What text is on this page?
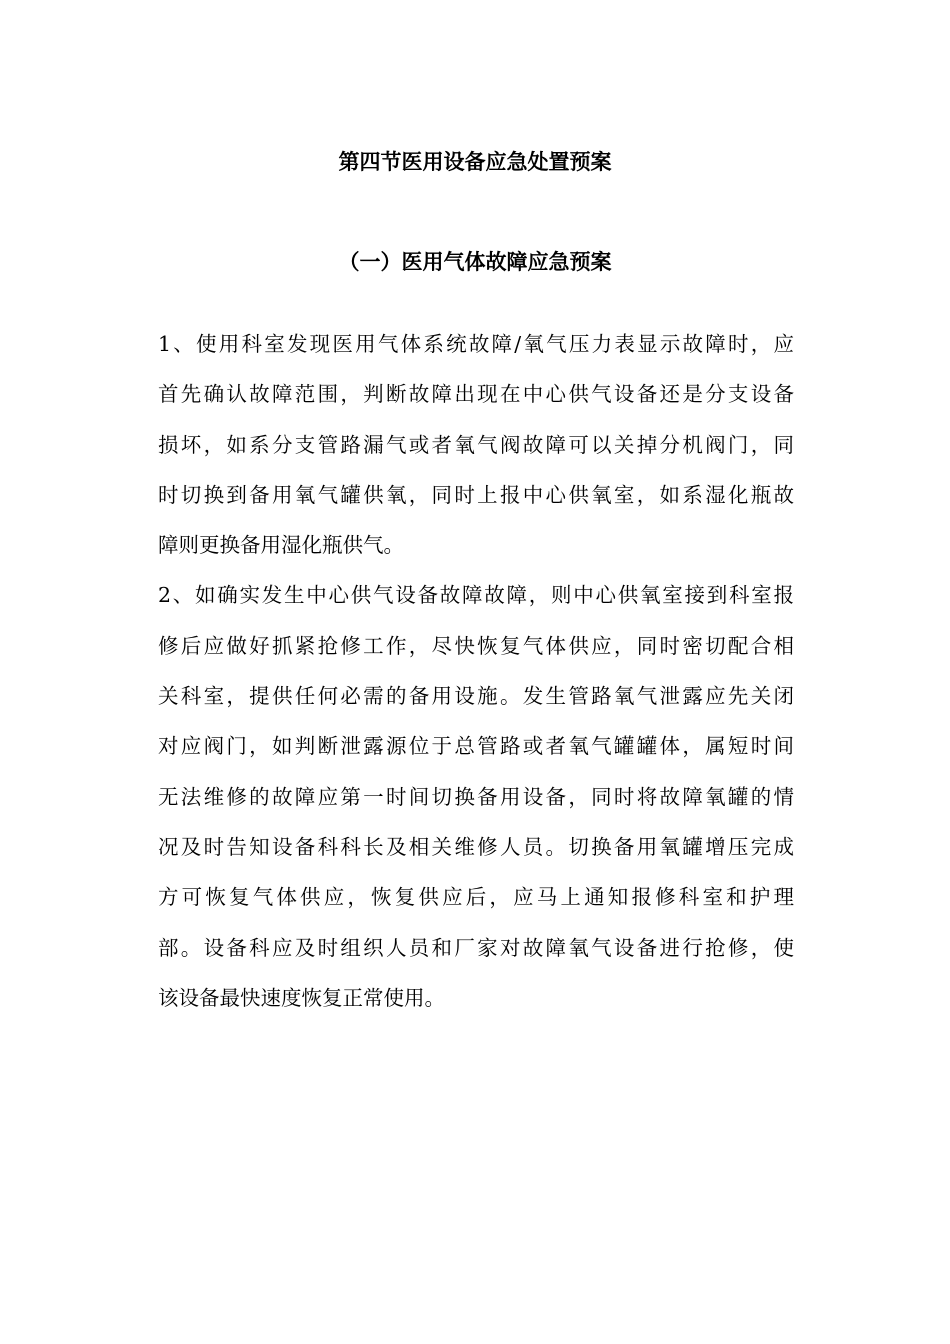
第四节医用设备应急处置预案
（一）医用气体故障应急预案
1、使用科室发现医用气体系统故障/氧气压力表显示故障时，应
首先确认故障范围，判断故障出现在中心供气设备还是分支设备
损坏，如系分支管路漏气或者氧气阀故障可以关掉分机阀门，同
时切换到备用氧气罐供氧，同时上报中心供氧室，如系湿化瓶故
障则更换备用湿化瓶供气。
2、如确实发生中心供气设备故障故障，则中心供氧室接到科室报
修后应做好抓紧抢修工作，尽快恢复气体供应，同时密切配合相
关科室，提供任何必需的备用设施。发生管路氧气泄露应先关闭
对应阀门，如判断泄露源位于总管路或者氧气罐罐体，属短时间
无法维修的故障应第一时间切换备用设备，同时将故障氧罐的情
况及时告知设备科科长及相关维修人员。切换备用氧罐增压完成
方可恢复气体供应，恢复供应后，应马上通知报修科室和护理
部。设备科应及时组织人员和厂家对故障氧气设备进行抢修，使
该设备最快速度恢复正常使用。
